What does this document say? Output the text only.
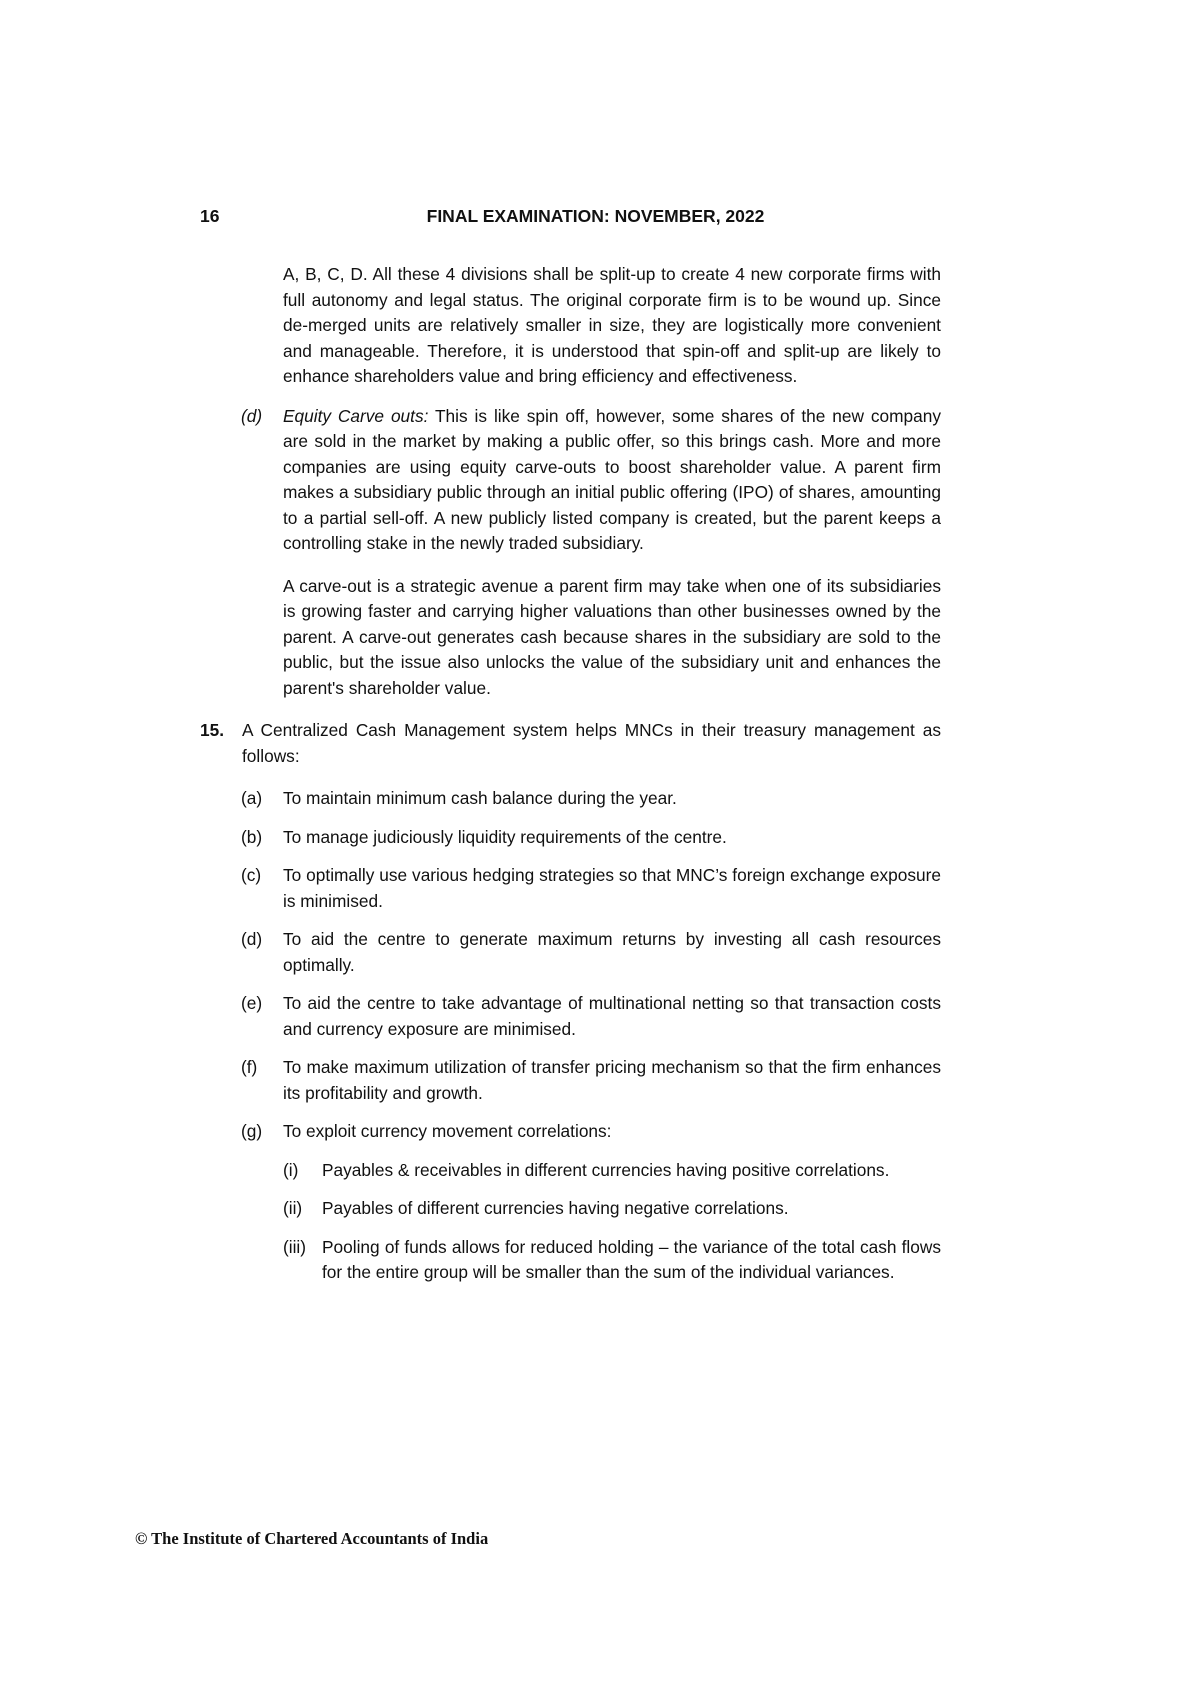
16	FINAL EXAMINATION: NOVEMBER, 2022

A, B, C, D. All these 4 divisions shall be split-up to create 4 new corporate firms with full autonomy and legal status. The original corporate firm is to be wound up. Since de-merged units are relatively smaller in size, they are logistically more convenient and manageable. Therefore, it is understood that spin-off and split-up are likely to enhance shareholders value and bring efficiency and effectiveness.

(d)	Equity Carve outs: This is like spin off, however, some shares of the new company are sold in the market by making a public offer, so this brings cash. More and more companies are using equity carve-outs to boost shareholder value. A parent firm makes a subsidiary public through an initial public offering (IPO) of shares, amounting to a partial sell-off. A new publicly listed company is created, but the parent keeps a controlling stake in the newly traded subsidiary.

A carve-out is a strategic avenue a parent firm may take when one of its subsidiaries is growing faster and carrying higher valuations than other businesses owned by the parent. A carve-out generates cash because shares in the subsidiary are sold to the public, but the issue also unlocks the value of the subsidiary unit and enhances the parent's shareholder value.

15.	A Centralized Cash Management system helps MNCs in their treasury management as follows:
(a)	To maintain minimum cash balance during the year.
(b)	To manage judiciously liquidity requirements of the centre.
(c)	To optimally use various hedging strategies so that MNC’s foreign exchange exposure is minimised.
(d)	To aid the centre to generate maximum returns by investing all cash resources optimally.
(e)	To aid the centre to take advantage of multinational netting so that transaction costs and currency exposure are minimised.
(f)	To make maximum utilization of transfer pricing mechanism so that the firm enhances its profitability and growth.
(g)	To exploit currency movement correlations:
(i)	Payables & receivables in different currencies having positive correlations.
(ii)	Payables of different currencies having negative correlations.
(iii) Pooling of funds allows for reduced holding – the variance of the total cash flows for the entire group will be smaller than the sum of the individual variances.
© The Institute of Chartered Accountants of India
